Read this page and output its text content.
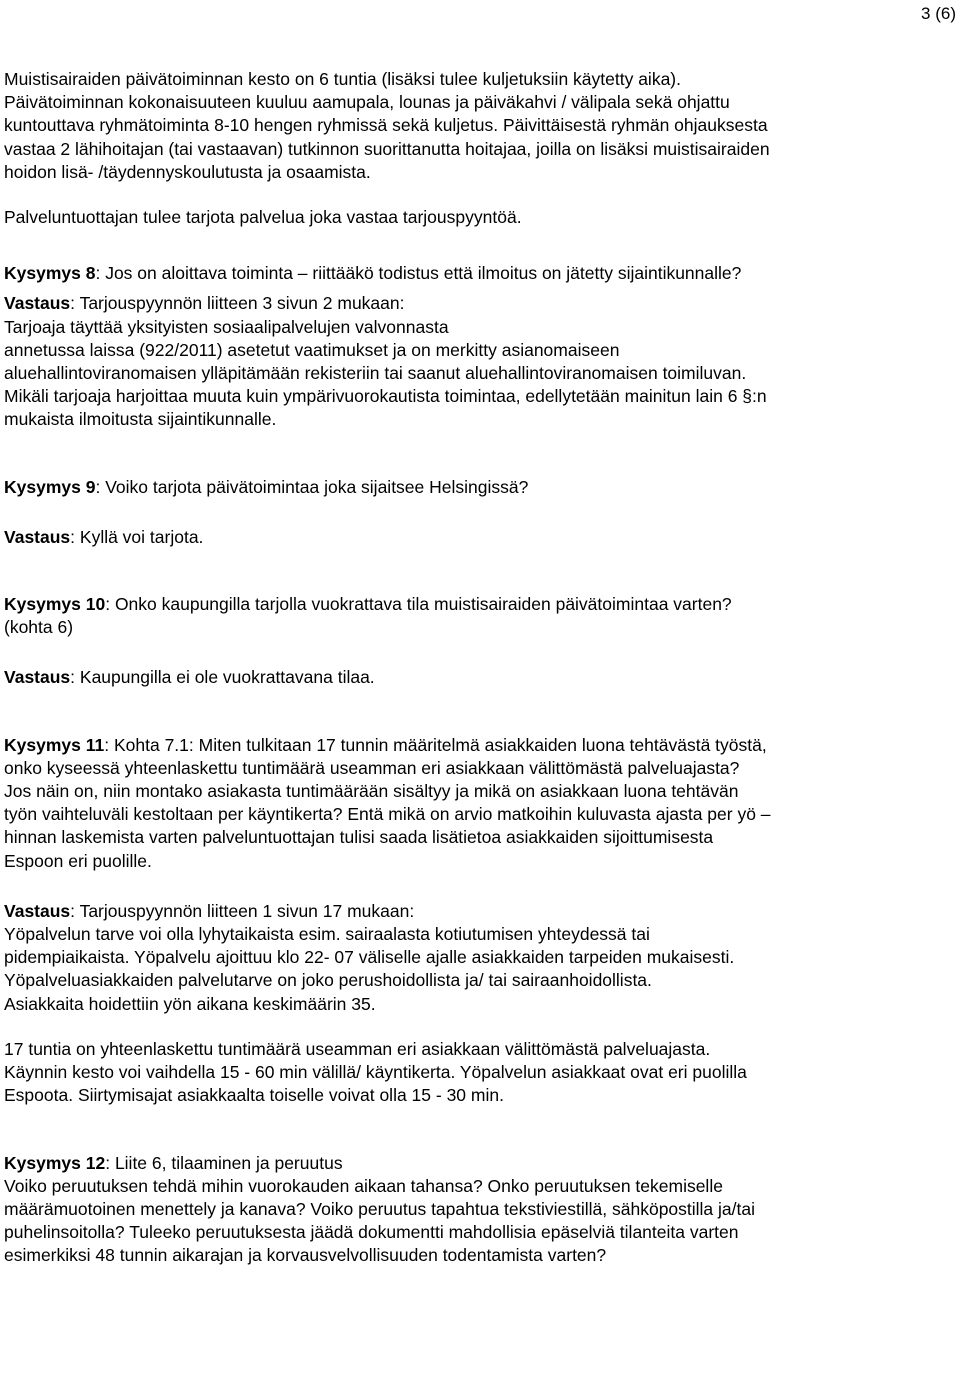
3 (6)

Muistisairaiden päivätoiminnan kesto on 6 tuntia (lisäksi tulee kuljetuksiin käytetty aika).

Päivätoiminnan kokonaisuuteen kuuluu aamupala, lounas ja päiväkahvi / välipala sekä ohjattu

kuntouttava ryhmätoiminta 8-10 hengen ryhmissä sekä kuljetus. Päivittäisestä ryhmän ohjauksesta

vastaa 2 lähihoitajan (tai vastaavan) tutkinnon suorittanutta hoitajaa, joilla on lisäksi muistisairaiden

hoidon lisä- /täydennyskoulutusta ja osaamista.

Palveluntuottajan tulee tarjota palvelua joka vastaa tarjouspyyntöä.

Kysymys 8: Jos on aloittava toiminta – riittääkö todistus että ilmoitus on jätetty sijaintikunnalle?

Vastaus: Tarjouspyynnön liitteen 3 sivun 2 mukaan:

Tarjoaja täyttää yksityisten sosiaalipalvelujen valvonnasta

annetussa laissa (922/2011) asetetut vaatimukset ja on merkitty asianomaiseen

aluehallintoviranomaisen ylläpitämään rekisteriin tai saanut aluehallintoviranomaisen toimiluvan.

Mikäli tarjoaja harjoittaa muuta kuin ympärivuorokautista toimintaa, edellytetään mainitun lain 6 §:n

mukaista ilmoitusta sijaintikunnalle.

Kysymys 9: Voiko tarjota päivätoimintaa joka sijaitsee Helsingissä?

Vastaus: Kyllä voi tarjota.

Kysymys 10: Onko kaupungilla tarjolla vuokrattava tila muistisairaiden päivätoimintaa varten?

(kohta 6)

Vastaus: Kaupungilla ei ole vuokrattavana tilaa.

Kysymys 11: Kohta 7.1: Miten tulkitaan 17 tunnin määritelmä asiakkaiden luona tehtävästä työstä,

onko kyseessä yhteenlaskettu tuntimäärä useamman eri asiakkaan välittömästä palveluajasta?

Jos näin on, niin montako asiakasta tuntimäärään sisältyy ja mikä on asiakkaan luona tehtävän

työn vaihteluväli kestoltaan per käyntikerta? Entä mikä on arvio matkoihin kuluvasta ajasta per yö –

hinnan laskemista varten palveluntuottajan tulisi saada lisätietoa asiakkaiden sijoittumisesta

Espoon eri puolille.

Vastaus: Tarjouspyynnön liitteen 1 sivun 17 mukaan:

Yöpalvelun tarve voi olla lyhytaikaista esim. sairaalasta kotiutumisen yhteydessä tai

pidempiaikaista. Yöpalvelu ajoittuu klo 22- 07 väliselle ajalle asiakkaiden tarpeiden mukaisesti.

Yöpalveluasiakkaiden palvelutarve on joko perushoidollista ja/ tai sairaanhoidollista.

Asiakkaita hoidettiin yön aikana keskimäärin 35.

17 tuntia on yhteenlaskettu tuntimäärä useamman eri asiakkaan välittömästä palveluajasta.

Käynnin kesto voi vaihdella 15 - 60 min välillä/ käyntikerta. Yöpalvelun asiakkaat ovat eri puolilla

Espoota. Siirtymisajat asiakkaalta toiselle voivat olla 15 - 30 min.

Kysymys 12: Liite 6, tilaaminen ja peruutus

Voiko peruutuksen tehdä mihin vuorokauden aikaan tahansa? Onko peruutuksen tekemiselle

määrämuotoinen menettely ja kanava? Voiko peruutus tapahtua tekstiviestillä, sähköpostilla ja/tai

puhelinsoitolla? Tuleeko peruutuksesta jäädä dokumentti mahdollisia epäselviä tilanteita varten

esimerkiksi 48 tunnin aikarajan ja korvausvelvollisuuden todentamista varten?
